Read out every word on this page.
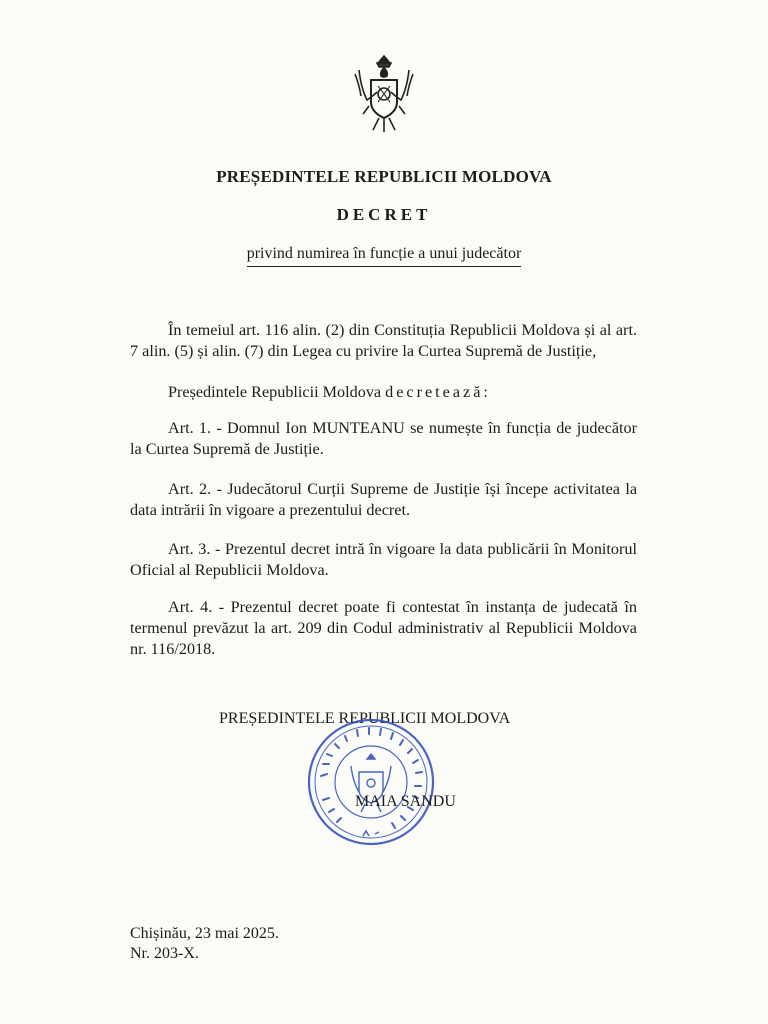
PREȘEDINTELE REPUBLICII MOLDOVA
DECRET
privind numirea în funcție a unui judecător
În temeiul art. 116 alin. (2) din Constituția Republicii Moldova și al art. 7 alin. (5) și alin. (7) din Legea cu privire la Curtea Supremă de Justiție,
Președintele Republicii Moldova decretează:
Art. 1. - Domnul Ion MUNTEANU se numește în funcția de judecător la Curtea Supremă de Justiție.
Art. 2. - Judecătorul Curții Supreme de Justiție își începe activitatea la data intrării în vigoare a prezentului decret.
Art. 3. - Prezentul decret intră în vigoare la data publicării în Monitorul Oficial al Republicii Moldova.
Art. 4. - Prezentul decret poate fi contestat în instanța de judecată în termenul prevăzut la art. 209 din Codul administrativ al Republicii Moldova nr. 116/2018.
PREȘEDINTELE REPUBLICII MOLDOVA
MAIA SANDU
Chișinău, 23 mai 2025.
Nr. 203-X.
